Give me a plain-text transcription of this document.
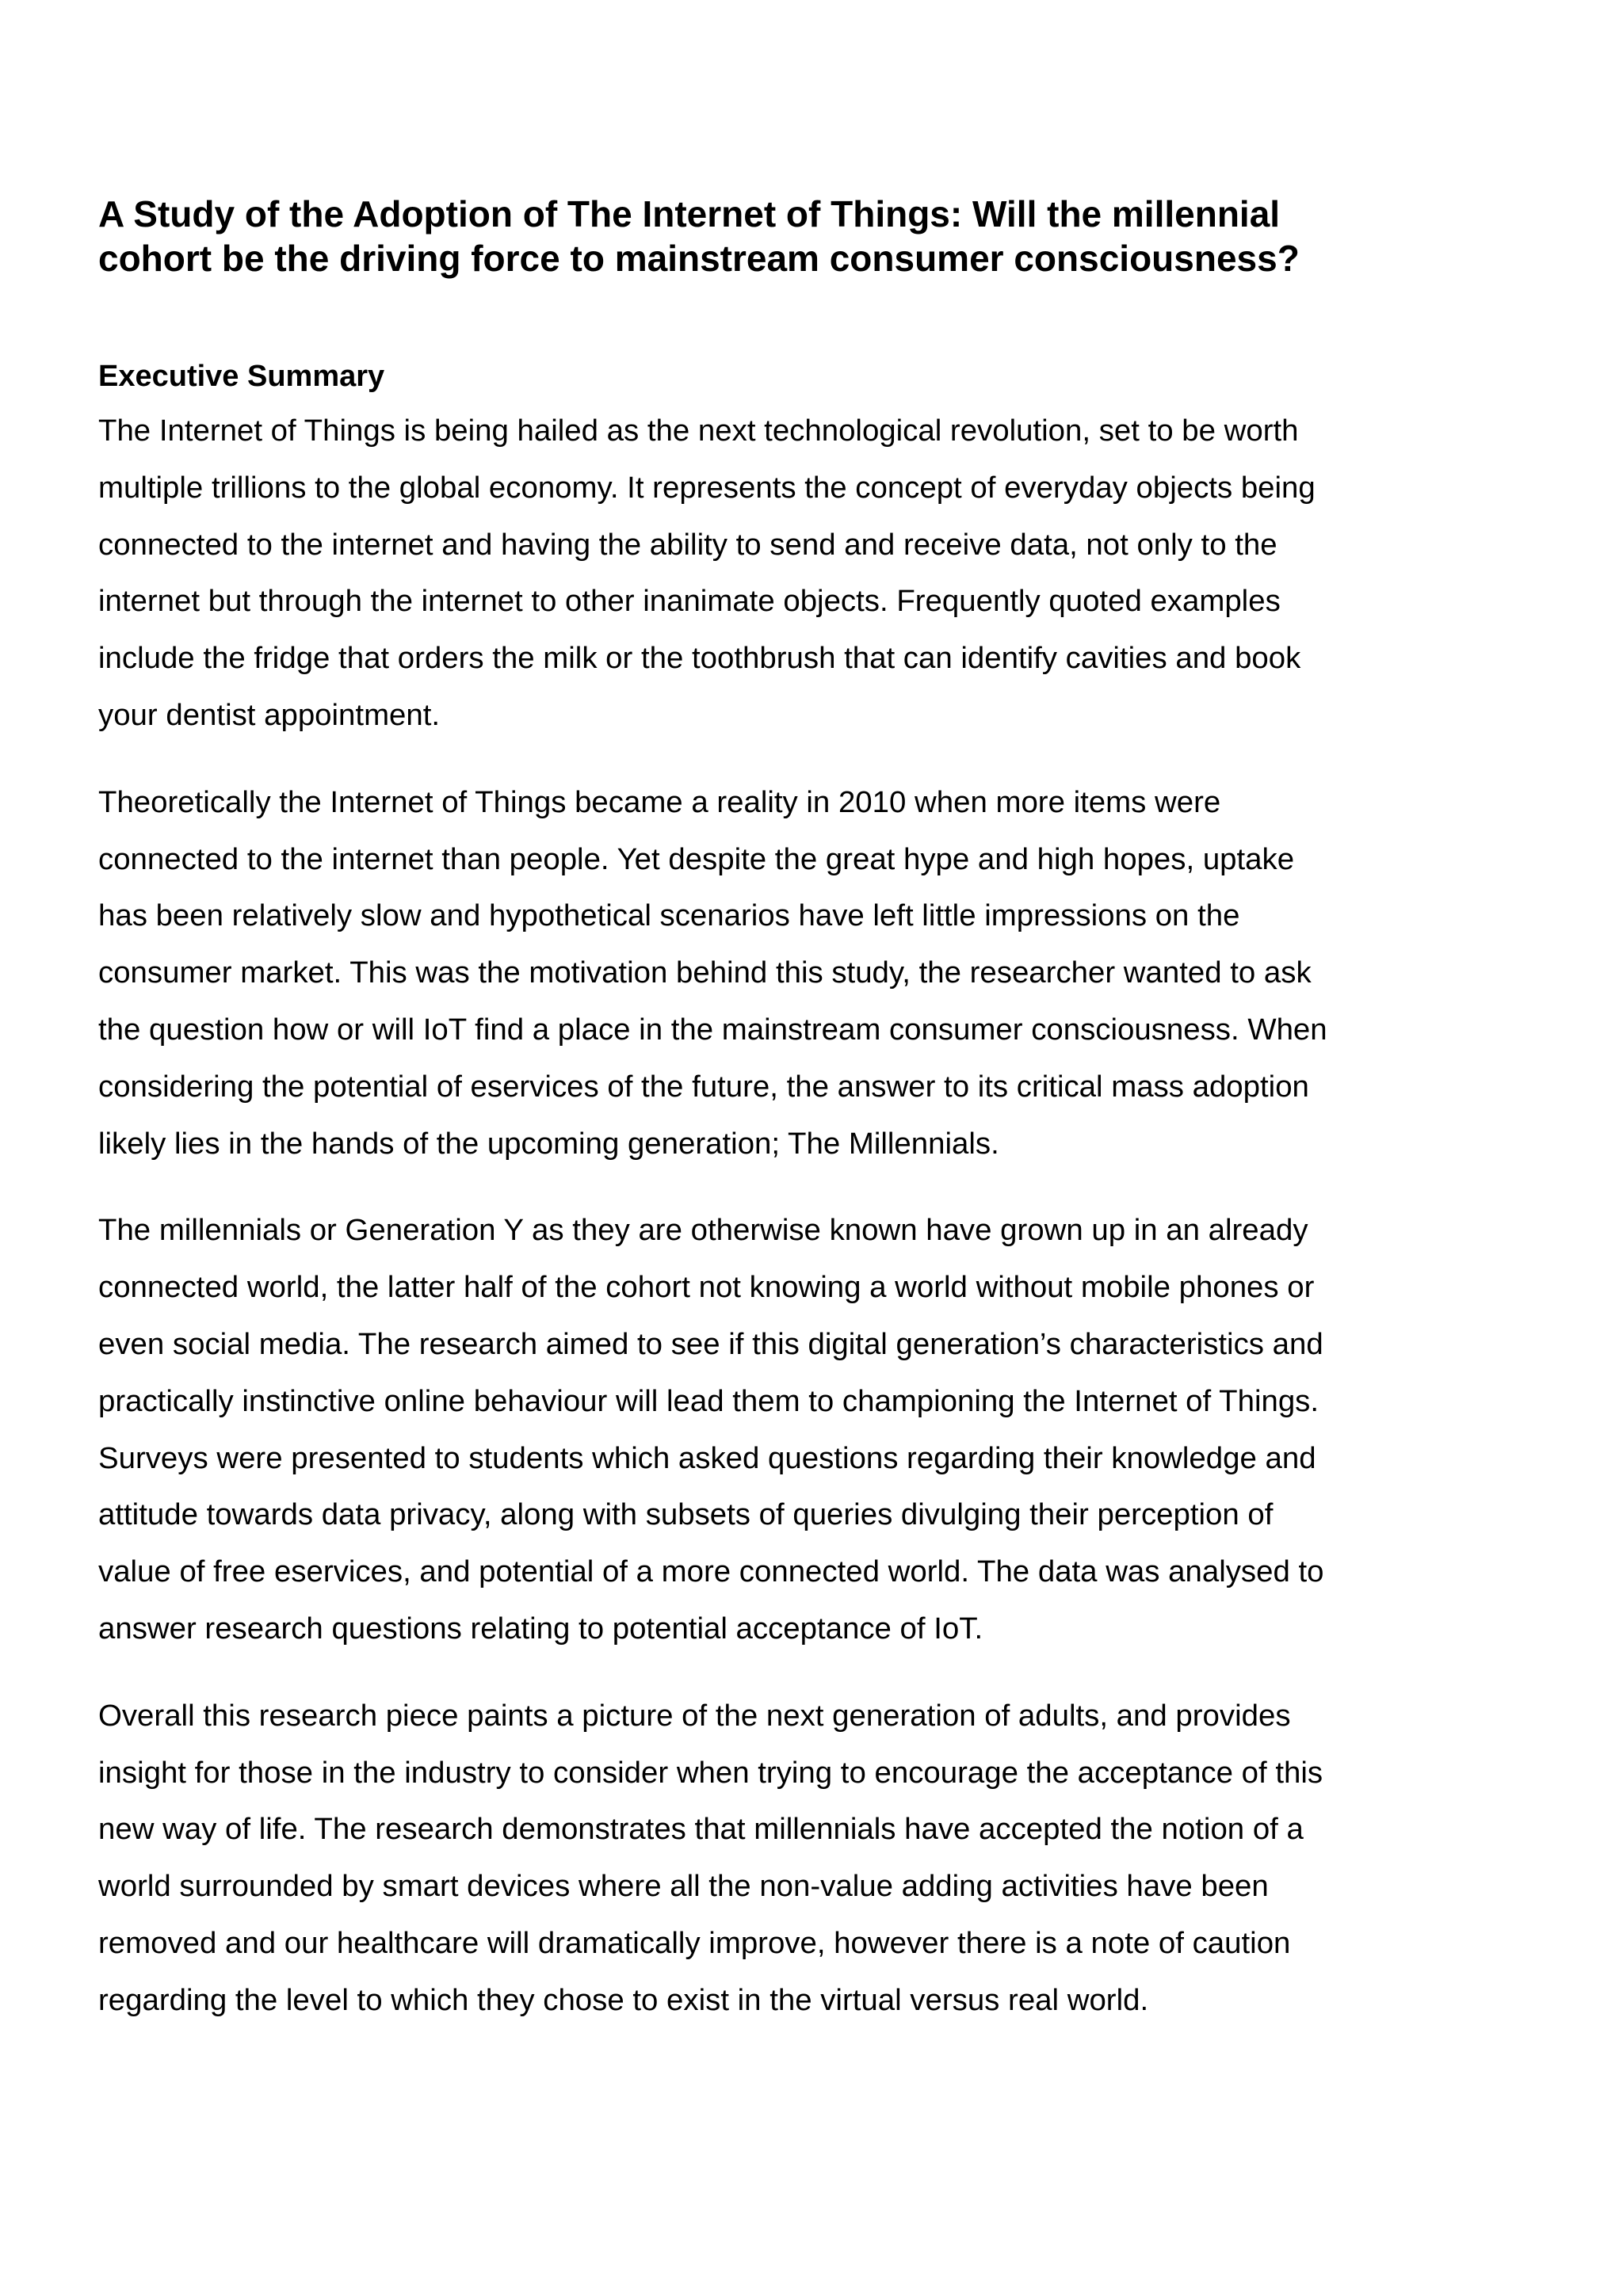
A Study of the Adoption of The Internet of Things: Will the millennial
cohort be the driving force to mainstream consumer consciousness?
Executive Summary

The Internet of Things is being hailed as the next technological revolution, set to be worth
multiple trillions to the global economy. It represents the concept of everyday objects being
connected to the internet and having the ability to send and receive data, not only to the
internet but through the internet to other inanimate objects. Frequently quoted examples
include the fridge that orders the milk or the toothbrush that can identify cavities and book
your dentist appointment.

Theoretically the Internet of Things became a reality in 2010 when more items were
connected to the internet than people. Yet despite the great hype and high hopes, uptake
has been relatively slow and hypothetical scenarios have left little impressions on the
consumer market. This was the motivation behind this study, the researcher wanted to ask
the question how or will IoT find a place in the mainstream consumer consciousness. When
considering the potential of eservices of the future, the answer to its critical mass adoption
likely lies in the hands of the upcoming generation; The Millennials.

The millennials or Generation Y as they are otherwise known have grown up in an already
connected world, the latter half of the cohort not knowing a world without mobile phones or
even social media. The research aimed to see if this digital generation’s characteristics and
practically instinctive online behaviour will lead them to championing the Internet of Things.
Surveys were presented to students which asked questions regarding their knowledge and
attitude towards data privacy, along with subsets of queries divulging their perception of
value of free eservices, and potential of a more connected world. The data was analysed to
answer research questions relating to potential acceptance of IoT.

Overall this research piece paints a picture of the next generation of adults, and provides
insight for those in the industry to consider when trying to encourage the acceptance of this
new way of life. The research demonstrates that millennials have accepted the notion of a
world surrounded by smart devices where all the non-value adding activities have been
removed and our healthcare will dramatically improve, however there is a note of caution
regarding the level to which they chose to exist in the virtual versus real world.
